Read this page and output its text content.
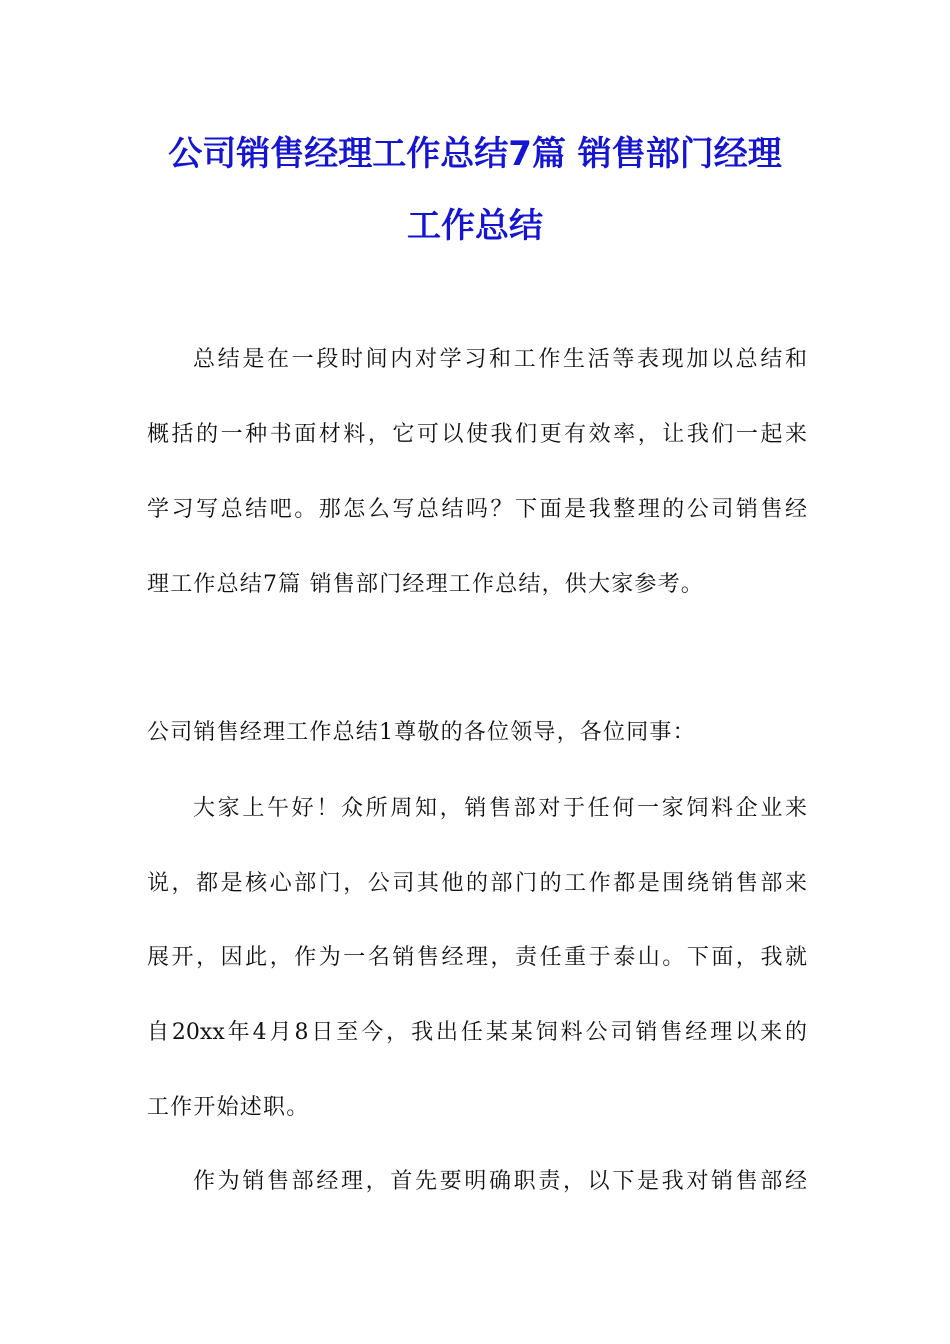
公司销售经理工作总结7篇 销售部门经理
工作总结

总结是在一段时间内对学习和工作生活等表现加以总结和

概括的一种书面材料，它可以使我们更有效率，让我们一起来

学习写总结吧。那怎么写总结吗？下面是我整理的公司销售经

理工作总结7篇 销售部门经理工作总结，供大家参考。

公司销售经理工作总结1尊敬的各位领导，各位同事：

大家上午好！众所周知，销售部对于任何一家饲料企业来

说，都是核心部门，公司其他的部门的工作都是围绕销售部来

展开，因此，作为一名销售经理，责任重于泰山。下面，我就

自20xx年4月8日至今，我出任某某饲料公司销售经理以来的

工作开始述职。

作为销售部经理，首先要明确职责，以下是我对销售部经
